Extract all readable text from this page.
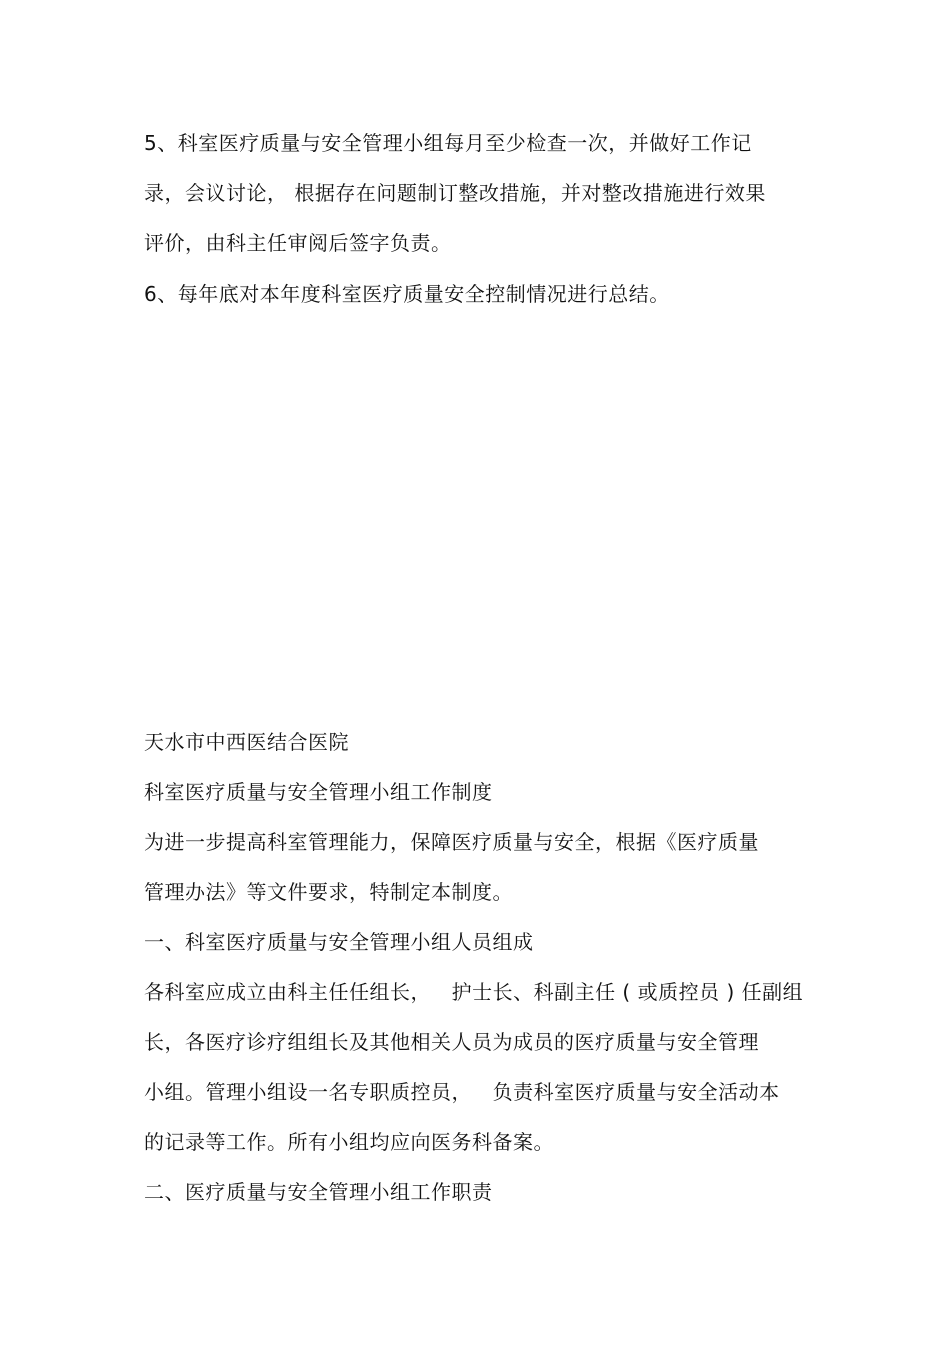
5、科室医疗质量与安全管理小组每月至少检查一次，并做好工作记
录，会议讨论， 根据存在问题制订整改措施，并对整改措施进行效果
评价，由科主任审阅后签字负责。
6、每年底对本年度科室医疗质量安全控制情况进行总结。
天水市中西医结合医院
科室医疗质量与安全管理小组工作制度
为进一步提高科室管理能力，保障医疗质量与安全，根据《医疗质量
管理办法》等文件要求，特制定本制度。
一、科室医疗质量与安全管理小组人员组成
各科室应成立由科主任任组长，   护士长、科副主任 ( 或质控员 ) 任副组
长，各医疗诊疗组组长及其他相关人员为成员的医疗质量与安全管理
小组。管理小组设一名专职质控员，   负责科室医疗质量与安全活动本
的记录等工作。所有小组均应向医务科备案。
二、医疗质量与安全管理小组工作职责
